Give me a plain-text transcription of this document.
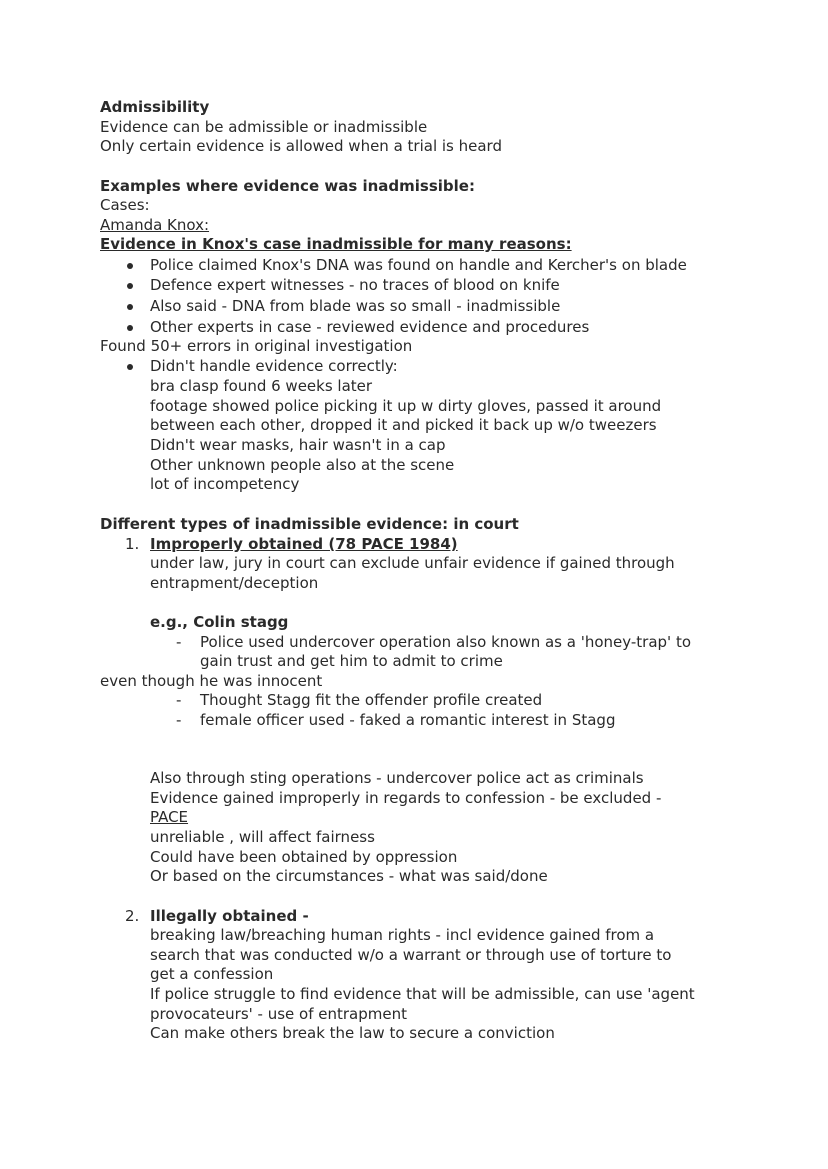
Admissibility
Evidence can be admissible or inadmissible
Only certain evidence is allowed when a trial is heard
Examples where evidence was inadmissible:
Cases:
Amanda Knox:
Evidence in Knox's case inadmissible for many reasons:
Police claimed Knox's DNA was found on handle and Kercher's on blade
Defence expert witnesses - no traces of blood on knife
Also said - DNA from blade was so small - inadmissible
Other experts in case - reviewed evidence and procedures
Found 50+ errors in original investigation
Didn't handle evidence correctly:
bra clasp found 6 weeks later
footage showed police picking it up w dirty gloves, passed it around
between each other, dropped it and picked it back up w/o tweezers
Didn't wear masks, hair wasn't in a cap
Other unknown people also at the scene
lot of incompetency
Different types of inadmissible evidence: in court
1. Improperly obtained (78 PACE 1984)
under law, jury in court can exclude unfair evidence if gained through
entrapment/deception
e.g., Colin stagg
- Police used undercover operation also known as a 'honey-trap' to
gain trust and get him to admit to crime
even though he was innocent
- Thought Stagg fit the offender profile created
- female officer used - faked a romantic interest in Stagg
Also through sting operations - undercover police act as criminals
Evidence gained improperly in regards to confession - be excluded -
PACE
unreliable , will affect fairness
Could have been obtained by oppression
Or based on the circumstances - what was said/done
2. Illegally obtained -
breaking law/breaching human rights - incl evidence gained from a
search that was conducted w/o a warrant or through use of torture to
get a confession
If police struggle to find evidence that will be admissible, can use 'agent
provocateurs' - use of entrapment
Can make others break the law to secure a conviction
